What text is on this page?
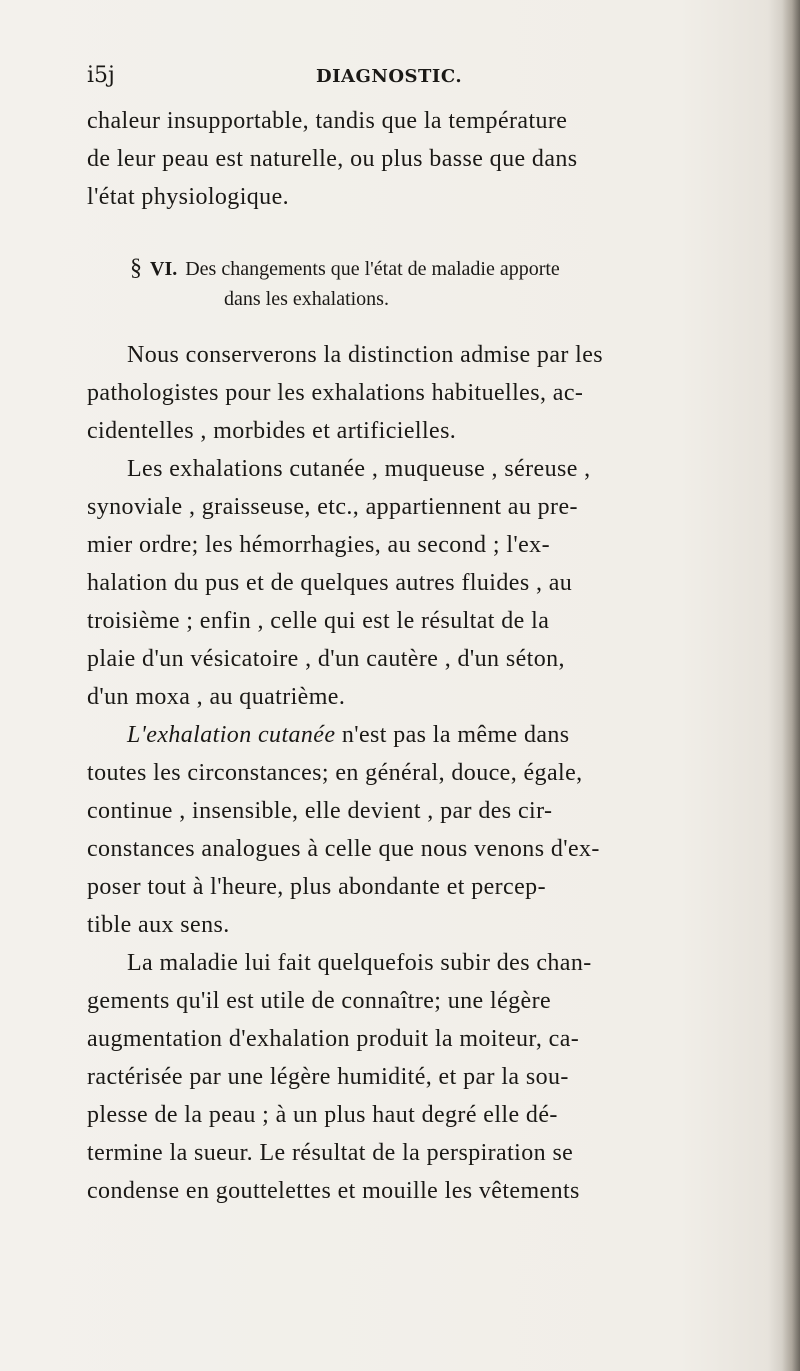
i5j	DIAGNOSTIC.
chaleur insupportable, tandis que la température
de leur peau est naturelle, ou plus basse que dans
l'état physiologique.
§ VI. Des changements que l'état de maladie apporte
dans les exhalations.
Nous conserverons la distinction admise par les
pathologistes pour les exhalations habituelles, ac-
cidentelles , morbides et artificielles.
Les exhalations cutanée , muqueuse , séreuse ,
synoviale , graisseuse, etc., appartiennent au pre-
mier ordre; les hémorrhagies, au second ; l'ex-
halation du pus et de quelques autres fluides , au
troisième ; enfin , celle qui est le résultat de la
plaie d'un vésicatoire , d'un cautère , d'un séton,
d'un moxa , au quatrième.
L'exhalation cutanée n'est pas la même dans
toutes les circonstances; en général, douce, égale,
continue , insensible, elle devient , par des cir-
constances analogues à celle que nous venons d'ex-
poser tout à l'heure, plus abondante et percep-
tible aux sens.
La maladie lui fait quelquefois subir des chan-
gements qu'il est utile de connaître; une légère
augmentation d'exhalation produit la moiteur, ca-
ractérisée par une légère humidité, et par la sou-
plesse de la peau ; à un plus haut degré elle dé-
termine la sueur. Le résultat de la perspiration se
condense en gouttelettes et mouille les vêtements
